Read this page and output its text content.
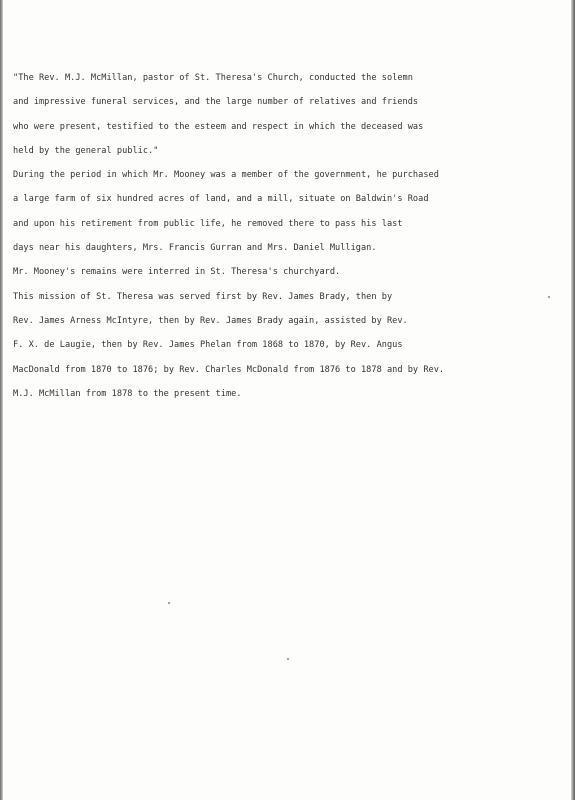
"The Rev. M.J. McMillan, pastor of St. Theresa's Church, conducted the solemn
and impressive funeral services, and the large number of relatives and friends
who were present, testified to the esteem and respect in which the deceased was
held by the general public."
During the period in which Mr. Mooney was a member of the government, he purchased
a large farm of six hundred acres of land, and a mill, situate on Baldwin's Road
and upon his retirement from public life, he removed there to pass his last
days near his daughters, Mrs. Francis Gurran and Mrs. Daniel Mulligan.
Mr. Mooney's remains were interred in St. Theresa's churchyard.
This mission of St. Theresa was served first by Rev. James Brady, then by
Rev. James Arness McIntyre, then by Rev. James Brady again, assisted by Rev.
F. X. de Laugie, then by Rev. James Phelan from 1868 to 1870, by Rev. Angus
MacDonald from 1870 to 1876; by Rev. Charles McDonald from 1876 to 1878 and by Rev.
M.J. McMillan from 1878 to the present time.
